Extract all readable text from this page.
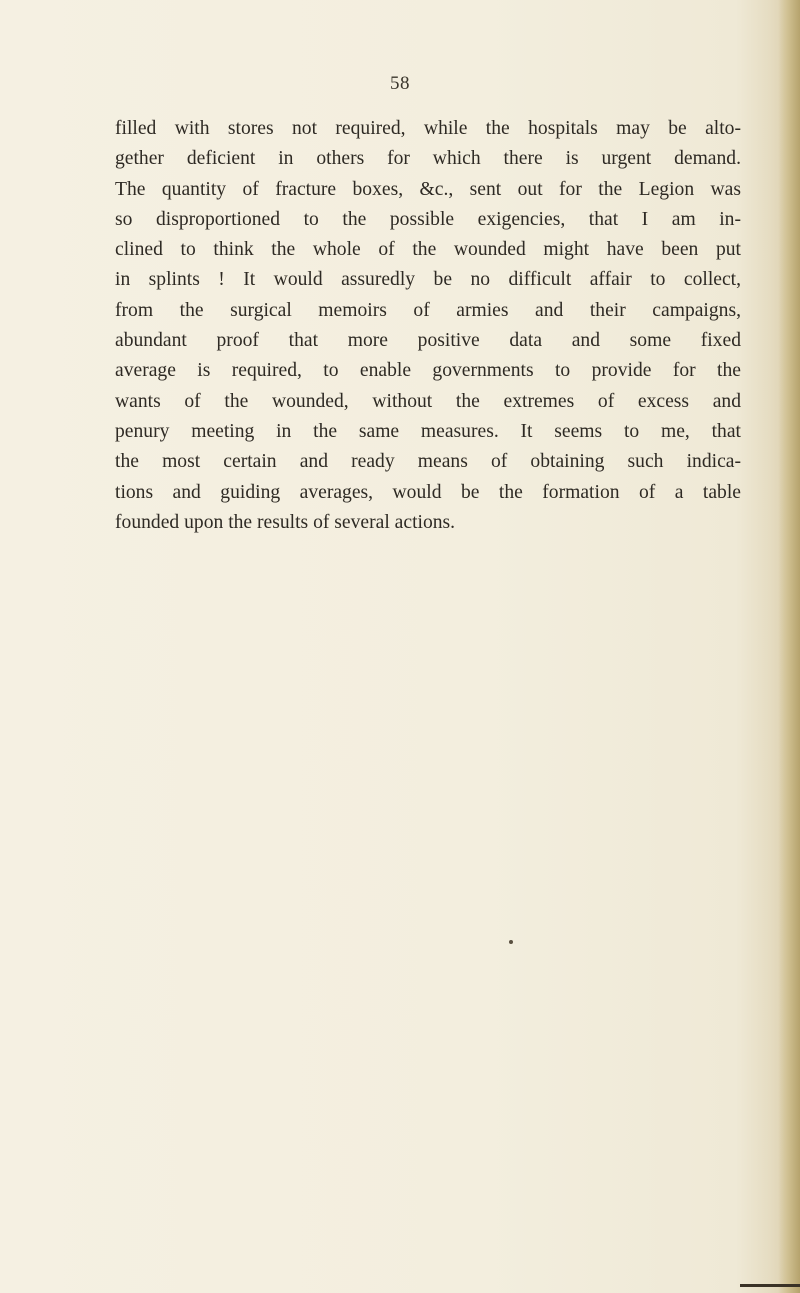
58
filled with stores not required, while the hospitals may be alto-
gether deficient in others for which there is urgent demand.
The quantity of fracture boxes, &c., sent out for the Legion was
so disproportioned to the possible exigencies, that I am in-
clined to think the whole of the wounded might have been put
in splints ! It would assuredly be no difficult affair to collect,
from the surgical memoirs of armies and their campaigns,
abundant proof that more positive data and some fixed
average is required, to enable governments to provide for the
wants of the wounded, without the extremes of excess and
penury meeting in the same measures. It seems to me, that
the most certain and ready means of obtaining such indica-
tions and guiding averages, would be the formation of a table
founded upon the results of several actions.
